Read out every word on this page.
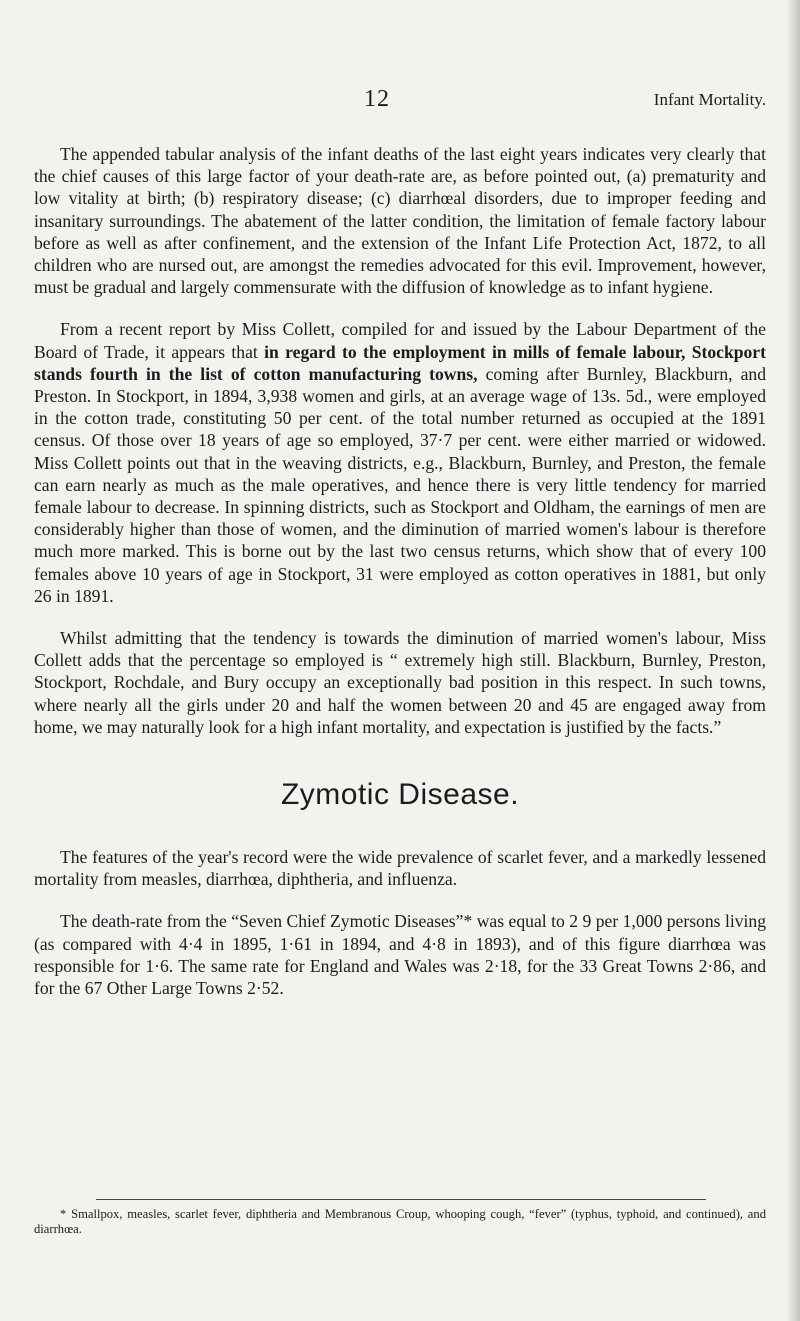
12	Infant Mortality.

The appended tabular analysis of the infant deaths of the last eight years indicates very clearly that the chief causes of this large factor of your death-rate are, as before pointed out, (a) prematurity and low vitality at birth; (b) respiratory disease; (c) diarrhœal disorders, due to improper feeding and insanitary surroundings. The abatement of the latter condition, the limitation of female factory labour before as well as after confinement, and the extension of the Infant Life Protection Act, 1872, to all children who are nursed out, are amongst the remedies advocated for this evil. Improvement, however, must be gradual and largely commensurate with the diffusion of knowledge as to infant hygiene.

From a recent report by Miss Collett, compiled for and issued by the Labour Department of the Board of Trade, it appears that in regard to the employment in mills of female labour, Stockport stands fourth in the list of cotton manufacturing towns, coming after Burnley, Blackburn, and Preston. In Stockport, in 1894, 3,938 women and girls, at an average wage of 13s. 5d., were employed in the cotton trade, constituting 50 per cent. of the total number returned as occupied at the 1891 census. Of those over 18 years of age so employed, 37·7 per cent. were either married or widowed. Miss Collett points out that in the weaving districts, e.g., Blackburn, Burnley, and Preston, the female can earn nearly as much as the male operatives, and hence there is very little tendency for married female labour to decrease. In spinning districts, such as Stockport and Oldham, the earnings of men are considerably higher than those of women, and the diminution of married women's labour is therefore much more marked. This is borne out by the last two census returns, which show that of every 100 females above 10 years of age in Stockport, 31 were employed as cotton operatives in 1881, but only 26 in 1891.

Whilst admitting that the tendency is towards the diminution of married women's labour, Miss Collett adds that the percentage so employed is “ extremely high still. Blackburn, Burnley, Preston, Stockport, Rochdale, and Bury occupy an exceptionally bad position in this respect. In such towns, where nearly all the girls under 20 and half the women between 20 and 45 are engaged away from home, we may naturally look for a high infant mortality, and expectation is justified by the facts.”

Zymotic Disease.

The features of the year's record were the wide prevalence of scarlet fever, and a markedly lessened mortality from measles, diarrhœa, diphtheria, and influenza.

The death-rate from the “Seven Chief Zymotic Diseases”* was equal to 2 9 per 1,000 persons living (as compared with 4·4 in 1895, 1·61 in 1894, and 4·8 in 1893), and of this figure diarrhœa was responsible for 1·6. The same rate for England and Wales was 2·18, for the 33 Great Towns 2·86, and for the 67 Other Large Towns 2·52.

* Smallpox, measles, scarlet fever, diphtheria and Membranous Croup, whooping cough, “fever” (typhus, typhoid, and continued), and diarrhœa.
